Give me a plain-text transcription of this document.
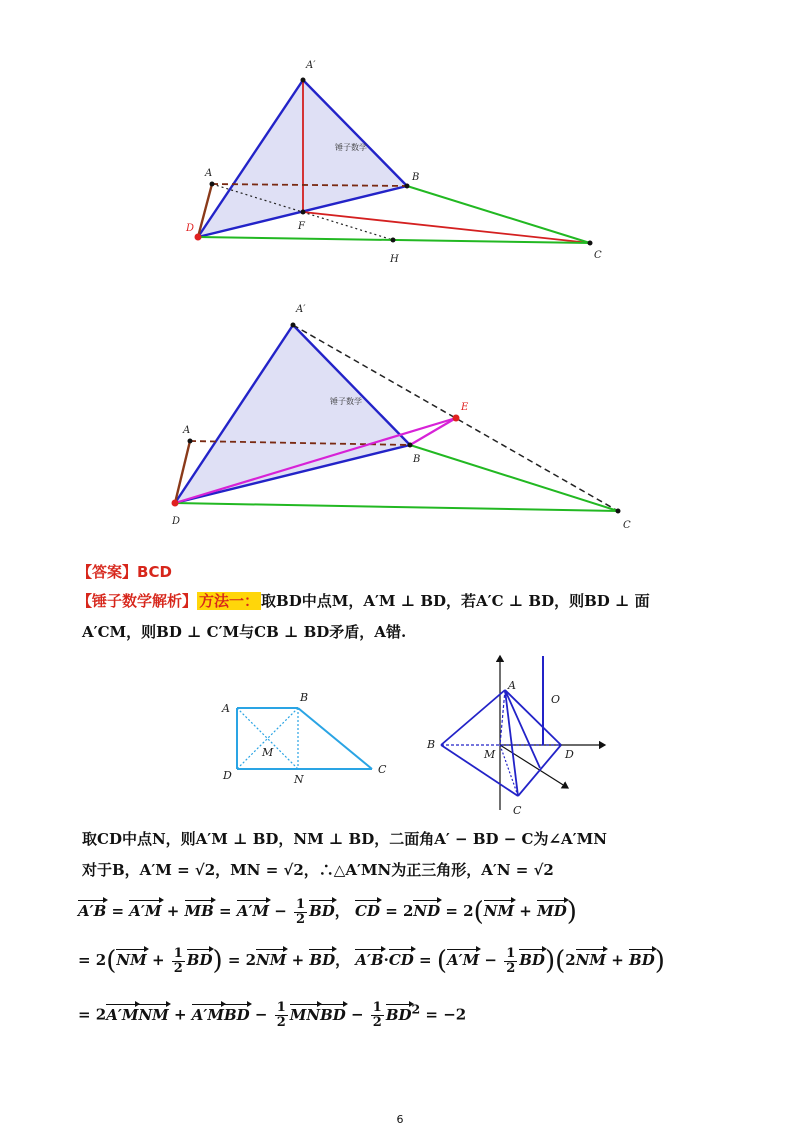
A′
A	B
D	F
H	C
锤子数学
A′
A
B
D
E
C
锤子数学
【答案】BCD
【锤子数学解析】 方法一： 取BD中点M，A′M ⊥ BD，若A′C ⊥ BD，则BD ⊥ 面
A′CM，则BD ⊥ C′M与CB ⊥ BD矛盾，A错.
A
B
M
D	N
C
A
O
B
M	D
C
取CD中点N，则A′M ⊥ BD，NM ⊥ BD，二面角A′ − BD − C为∠A′MN
对于B，A′M = √2，MN = √2，∴△A′MN为正三角形，A′N = √2
A′B = A′M + MB = $A'M - \frac{1}{2}$ BD， CD = 2ND = 2(NM + MD)
= $2(NM + \frac{1}{2} BD) = 2NM$ + BD， $A'B\cdot CD = (A'M - \frac{1}{2} BD)(2NM + BD)$
= $2A'MNM + A'MBD - \frac{1}{2}$ MNBD − $\frac{1}{2} BD^2 = -2$
6
